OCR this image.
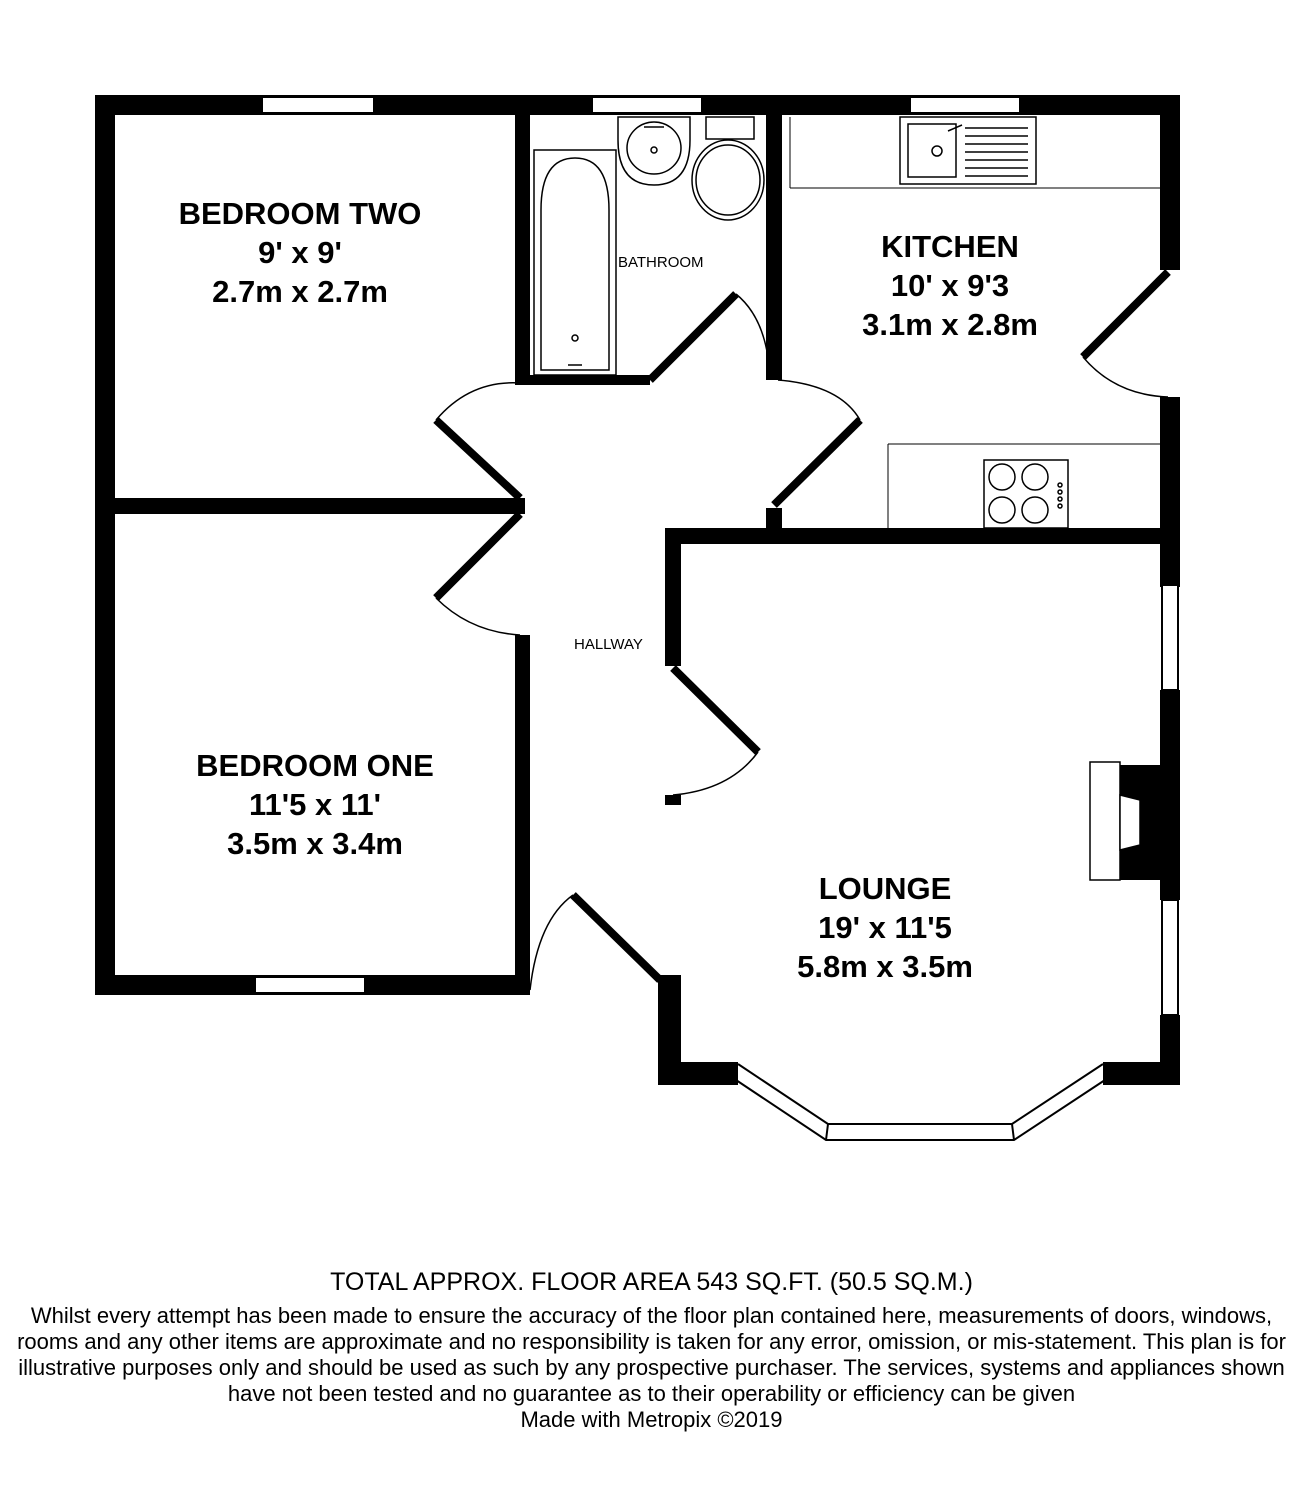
BEDROOM TWO
9' x 9'
2.7m x 2.7m
KITCHEN
10' x 9'3
3.1m x 2.8m
BEDROOM ONE
11'5 x 11'
3.5m x 3.4m
LOUNGE
19' x 11'5
5.8m x 3.5m
BATHROOM
HALLWAY
TOTAL APPROX. FLOOR AREA 543 SQ.FT. (50.5 SQ.M.)
Whilst every attempt has been made to ensure the accuracy of the floor plan contained here, measurements of doors, windows, rooms and any other items are approximate and no responsibility is taken for any error, omission, or mis-statement. This plan is for illustrative purposes only and should be used as such by any prospective purchaser. The services, systems and appliances shown have not been tested and no guarantee as to their operability or efficiency can be given
Made with Metropix ©2019
